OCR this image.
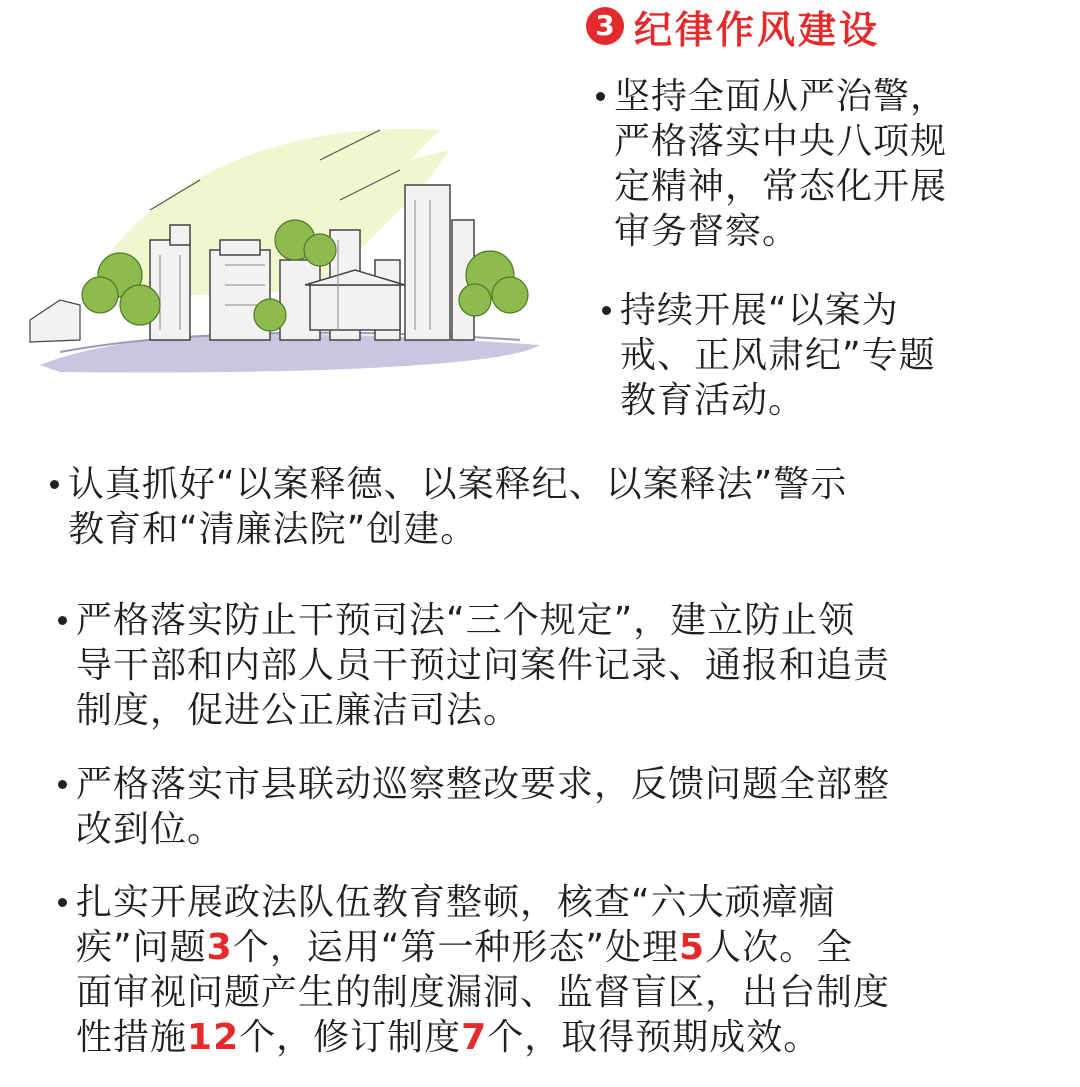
3 纪律作风建设
坚持全面从严治警，
严格落实中央八项规
定精神，常态化开展
审务督察。
持续开展“以案为
戒、正风肃纪”专题
教育活动。
认真抓好“以案释德、以案释纪、以案释法”警示
教育和“清廉法院”创建。
严格落实防止干预司法“三个规定”，建立防止领
导干部和内部人员干预过问案件记录、通报和追责
制度，促进公正廉洁司法。
严格落实市县联动巡察整改要求，反馈问题全部整
改到位。
扎实开展政法队伍教育整顿，核查“六大顽瘴痼
疾”问题3个，运用“第一种形态”处理5人次。全
面审视问题产生的制度漏洞、监督盲区，出台制度
性措施12个，修订制度7个，取得预期成效。
